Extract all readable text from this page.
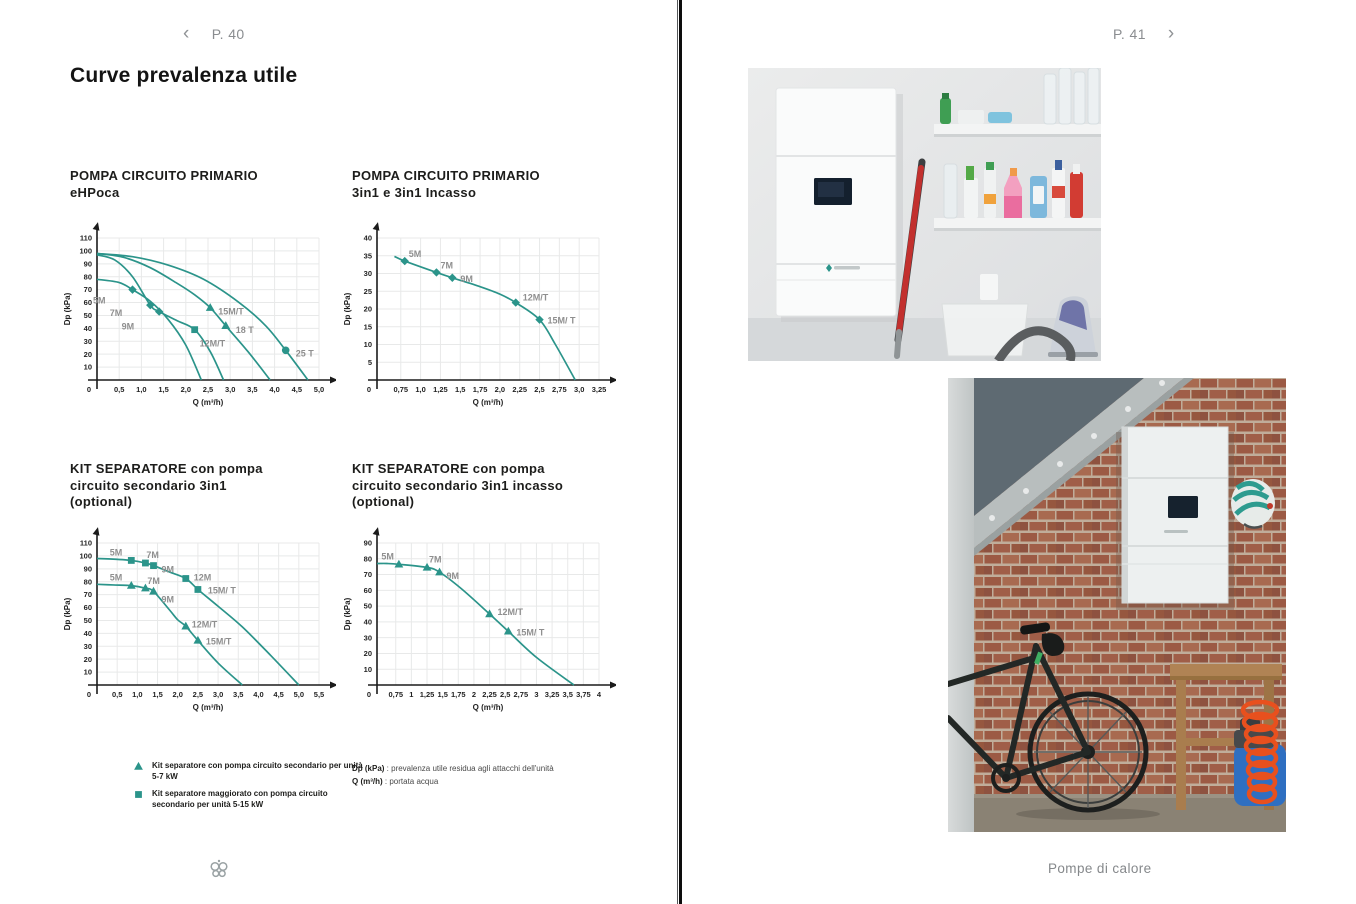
‹ P. 40
Curve prevalenza utile
POMPA CIRCUITO PRIMARIO
eHPoca
POMPA CIRCUITO PRIMARIO
3in1 e 3in1 Incasso
KIT SEPARATORE con pompa
circuito secondario 3in1
(optional)
KIT SEPARATORE con pompa
circuito secondario 3in1 incasso
(optional)
10
20
30
40
50
60
70
80
90
100
110
0	0,5 1,0 1,5 2,0 2,5 3,0 3,5 4,0 4,5 5,0
Q (m³/h)
Dp (kPa) 5M
7M
9M
12M/T
15M/T
18 T
25 T
5
10
15
20
25
30
35
40
0	0,75 1,0 1,25 1,5 1,75 2,0 2,25 2,5 2,75 3,0 3,25
Q (m³/h)
Dp (kPa)
5M
7M
9M
12M/T
15M/ T
10
20
30
40
50
60
70
80
90
100
110
0	0,5 1,0 1,5 2,0 2,5 3,0 3,5 4,0 4,5 5,0 5,5
Q (m³/h)
Dp (kPa)
5M	7M
9M
12M
15M/ T
5M	7M
9M
12M/T
15M/T
10
20
30
40
50
60
70
80
90
0 0,75 1 1,25 1,5 1,75 2 2,25 2,5 2,75 3 3,25 3,5 3,75 4
Q (m³/h)
Dp (kPa)
5M	7M
9M
12M/T
15M/ T
Kit separatore con pompa circuito secondario per unità 5-7 kW
Kit separatore maggiorato con pompa circuito secondario per unità 5-15 kW
Dp (kPa) : prevalenza utile residua agli attacchi dell'unità
Q (m³/h) : portata acqua
P. 41 ›
Pompe di calore
